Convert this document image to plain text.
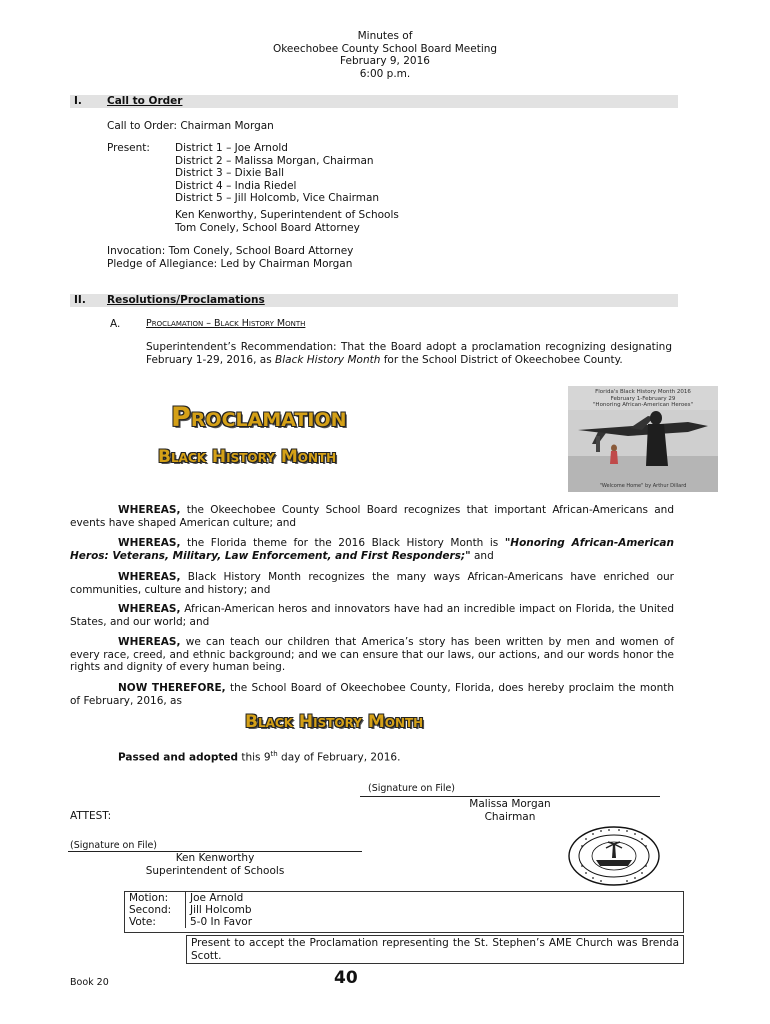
Minutes of
Okeechobee County School Board Meeting
February 9, 2016
6:00 p.m.
I. Call to Order
Call to Order: Chairman Morgan
Present: District 1 – Joe Arnold
District 2 – Malissa Morgan, Chairman
District 3 – Dixie Ball
District 4 – India Riedel
District 5 – Jill Holcomb, Vice Chairman
Ken Kenworthy, Superintendent of Schools
Tom Conely, School Board Attorney
Invocation: Tom Conely, School Board Attorney
Pledge of Allegiance: Led by Chairman Morgan
II. Resolutions/Proclamations
A.	Proclamation – Black History Month
Superintendent’s Recommendation: That the Board adopt a proclamation recognizing designating February 1-29, 2016, as Black History Month for the School District of Okeechobee County.
Proclamation
Black History Month
Florida's Black History Month 2016
February 1-February 29
"Honoring African-American Heroes"
"Welcome Home" by Arthur Dillard
WHEREAS, the Okeechobee County School Board recognizes that important African-Americans and events have shaped American culture; and
WHEREAS, the Florida theme for the 2016 Black History Month is "Honoring African-American Heros: Veterans, Military, Law Enforcement, and First Responders;" and
WHEREAS, Black History Month recognizes the many ways African-Americans have enriched our communities, culture and history; and
WHEREAS, African-American heros and innovators have had an incredible impact on Florida, the United States, and our world; and
WHEREAS, we can teach our children that America’s story has been written by men and women of every race, creed, and ethnic background; and we can ensure that our laws, our actions, and our words honor the rights and dignity of every human being.
NOW THEREFORE, the School Board of Okeechobee County, Florida, does hereby proclaim the month of February, 2016, as
Black History Month
Passed and adopted this 9th day of February, 2016.
(Signature on File)
Malissa Morgan
Chairman
ATTEST:
(Signature on File)
Ken Kenworthy
Superintendent of Schools
Motion:	Joe Arnold
Second:	Jill Holcomb
Vote:	5-0 In Favor
Present to accept the Proclamation representing the St. Stephen’s AME Church was Brenda Scott.
Book 20	40
